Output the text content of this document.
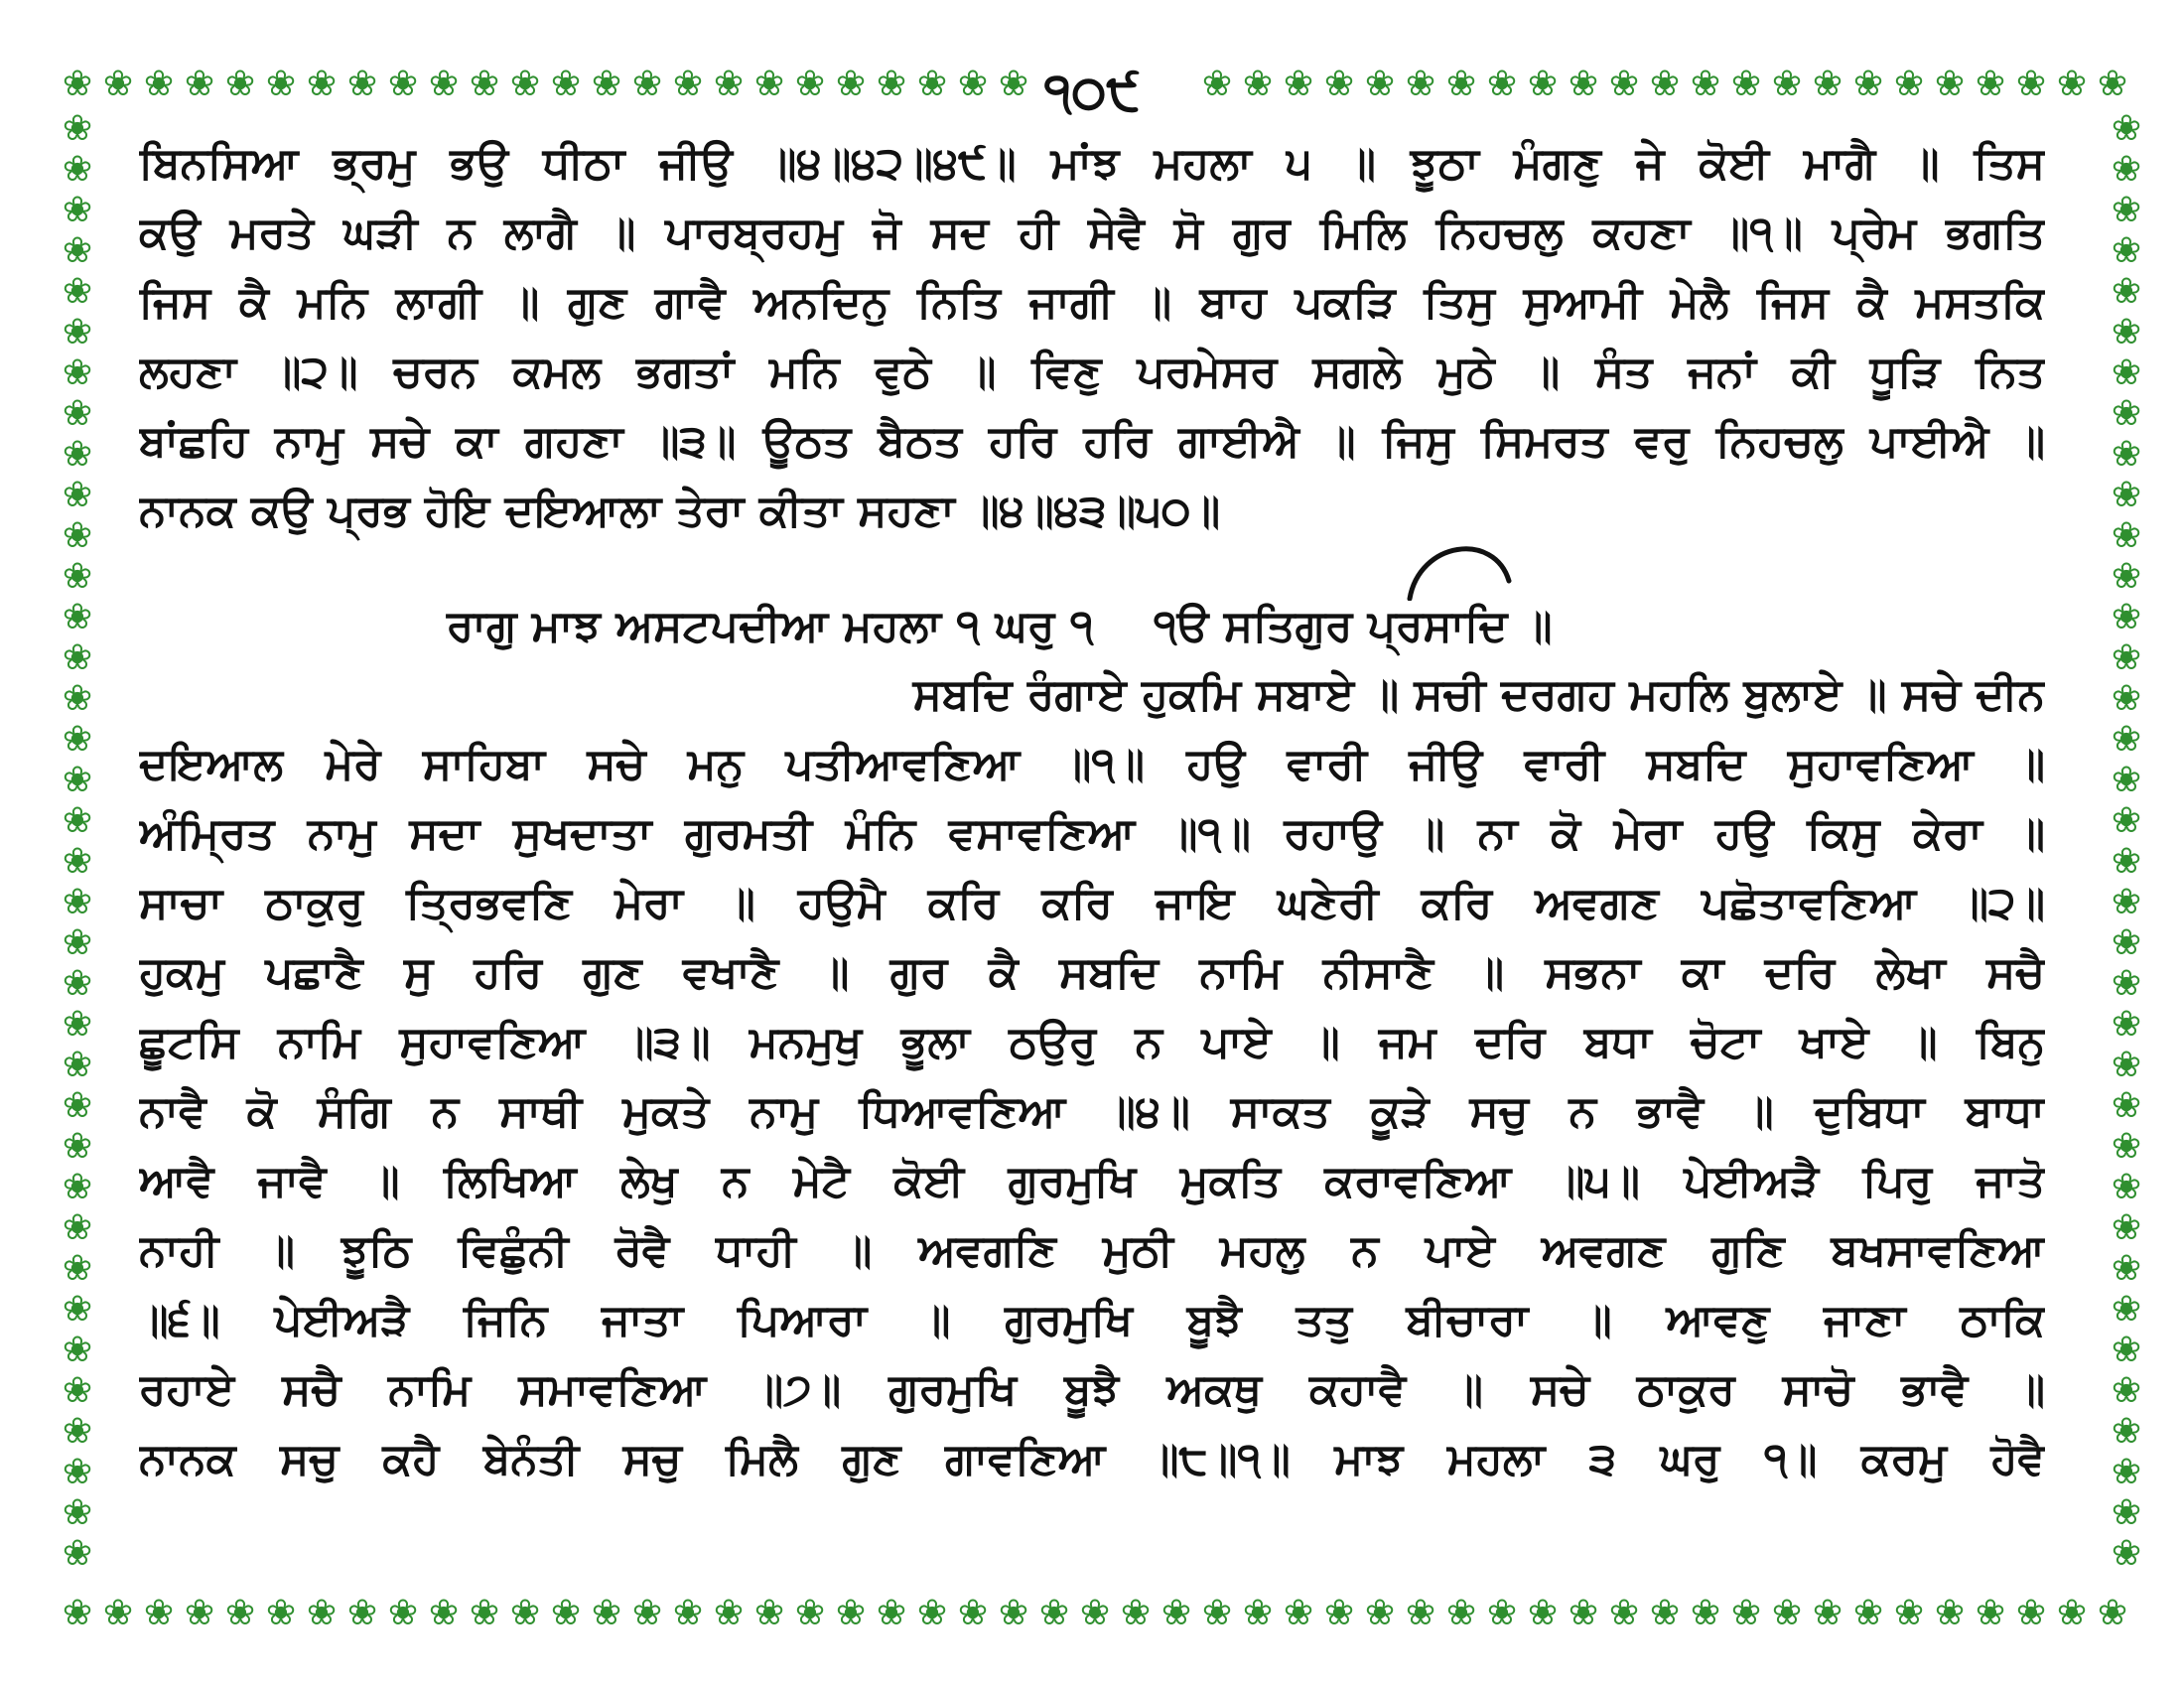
❀ ❀ ❀ ❀ ❀ ❀ ❀ ❀ ❀ ❀ ❀ ❀ ❀ ❀ ❀ ❀ ❀ ❀ ❀ ❀ ❀ ❀ ❀ ❀	❀ ❀ ❀ ❀ ❀ ❀ ❀ ❀ ❀ ❀ ❀ ❀ ❀ ❀ ❀ ❀ ❀ ❀ ❀ ❀ ❀ ❀ ❀
❀ ❀ ❀ ❀ ❀ ❀ ❀ ❀ ❀ ❀ ❀ ❀ ❀ ❀ ❀ ❀ ❀ ❀ ❀ ❀ ❀ ❀ ❀ ❀ ❀ ❀ ❀ ❀ ❀ ❀ ❀ ❀ ❀ ❀ ❀ ❀ ❀ ❀ ❀ ❀ ❀ ❀ ❀ ❀ ❀ ❀ ❀ ❀ ❀ ❀ ❀
❀	❀
❀	❀
❀	❀
❀	❀
❀	❀
❀	❀
❀	❀
❀	❀
❀	❀
❀	❀
❀	❀
❀	❀
❀	❀
❀	❀
❀	❀
❀	❀
❀	❀
❀	❀
❀	❀
❀	❀
❀	❀
❀	❀
❀	❀
❀	❀
❀	❀
❀	❀
❀	❀
❀	❀
❀	❀
❀	❀
❀	❀
❀	❀
❀	❀
❀	❀
❀	❀
❀	❀
੧੦੯
ਬਿਨਸਿਆ ਭ੍ਰਮੁ ਭਉ ਧੀਠਾ ਜੀਉ ॥੪॥੪੨॥੪੯॥ ਮਾਂਝ ਮਹਲਾ ੫ ॥ ਝੂਠਾ ਮੰਗਣੁ ਜੇ ਕੋਈ ਮਾਗੈ ॥ ਤਿਸ
ਕਉ ਮਰਤੇ ਘੜੀ ਨ ਲਾਗੈ ॥ ਪਾਰਬ੍ਰਹਮੁ ਜੋ ਸਦ ਹੀ ਸੇਵੈ ਸੋ ਗੁਰ ਮਿਲਿ ਨਿਹਚਲੁ ਕਹਣਾ ॥੧॥ ਪ੍ਰੇਮ ਭਗਤਿ
ਜਿਸ ਕੈ ਮਨਿ ਲਾਗੀ ॥ ਗੁਣ ਗਾਵੈ ਅਨਦਿਨੁ ਨਿਤਿ ਜਾਗੀ ॥ ਬਾਹ ਪਕੜਿ ਤਿਸੁ ਸੁਆਮੀ ਮੇਲੈ ਜਿਸ ਕੈ ਮਸਤਕਿ
ਲਹਣਾ ॥੨॥ ਚਰਨ ਕਮਲ ਭਗਤਾਂ ਮਨਿ ਵੁਠੇ ॥ ਵਿਣੁ ਪਰਮੇਸਰ ਸਗਲੇ ਮੁਠੇ ॥ ਸੰਤ ਜਨਾਂ ਕੀ ਧੂੜਿ ਨਿਤ
ਬਾਂਛਹਿ ਨਾਮੁ ਸਚੇ ਕਾ ਗਹਣਾ ॥੩॥ ਊਠਤ ਬੈਠਤ ਹਰਿ ਹਰਿ ਗਾਈਐ ॥ ਜਿਸੁ ਸਿਮਰਤ ਵਰੁ ਨਿਹਚਲੁ ਪਾਈਐ ॥
ਨਾਨਕ ਕਉ ਪ੍ਰਭ ਹੋਇ ਦਇਆਲਾ ਤੇਰਾ ਕੀਤਾ ਸਹਣਾ ॥੪॥੪੩॥੫੦॥
ਸਬਦਿ ਰੰਗਾਏ ਹੁਕਮਿ ਸਬਾਏ ॥ ਸਚੀ ਦਰਗਹ ਮਹਲਿ ਬੁਲਾਏ ॥ ਸਚੇ ਦੀਨ
ਦਇਆਲ ਮੇਰੇ ਸਾਹਿਬਾ ਸਚੇ ਮਨੁ ਪਤੀਆਵਣਿਆ ॥੧॥ ਹਉ ਵਾਰੀ ਜੀਉ ਵਾਰੀ ਸਬਦਿ ਸੁਹਾਵਣਿਆ ॥
ਅੰਮ੍ਰਿਤ ਨਾਮੁ ਸਦਾ ਸੁਖਦਾਤਾ ਗੁਰਮਤੀ ਮੰਨਿ ਵਸਾਵਣਿਆ ॥੧॥ ਰਹਾਉ ॥ ਨਾ ਕੋ ਮੇਰਾ ਹਉ ਕਿਸੁ ਕੇਰਾ ॥
ਸਾਚਾ ਠਾਕੁਰੁ ਤ੍ਰਿਭਵਣਿ ਮੇਰਾ ॥ ਹਉਮੈ ਕਰਿ ਕਰਿ ਜਾਇ ਘਣੇਰੀ ਕਰਿ ਅਵਗਣ ਪਛੋਤਾਵਣਿਆ ॥੨॥
ਹੁਕਮੁ ਪਛਾਣੈ ਸੁ ਹਰਿ ਗੁਣ ਵਖਾਣੈ ॥ ਗੁਰ ਕੈ ਸਬਦਿ ਨਾਮਿ ਨੀਸਾਣੈ ॥ ਸਭਨਾ ਕਾ ਦਰਿ ਲੇਖਾ ਸਚੈ
ਛੂਟਸਿ ਨਾਮਿ ਸੁਹਾਵਣਿਆ ॥੩॥ ਮਨਮੁਖੁ ਭੂਲਾ ਠਉਰੁ ਨ ਪਾਏ ॥ ਜਮ ਦਰਿ ਬਧਾ ਚੋਟਾ ਖਾਏ ॥ ਬਿਨੁ
ਨਾਵੈ ਕੋ ਸੰਗਿ ਨ ਸਾਥੀ ਮੁਕਤੇ ਨਾਮੁ ਧਿਆਵਣਿਆ ॥੪॥ ਸਾਕਤ ਕੂੜੇ ਸਚੁ ਨ ਭਾਵੈ ॥ ਦੁਬਿਧਾ ਬਾਧਾ
ਆਵੈ ਜਾਵੈ ॥ ਲਿਖਿਆ ਲੇਖੁ ਨ ਮੇਟੈ ਕੋਈ ਗੁਰਮੁਖਿ ਮੁਕਤਿ ਕਰਾਵਣਿਆ ॥੫॥ ਪੇਈਅੜੈ ਪਿਰੁ ਜਾਤੋ
ਨਾਹੀ ॥ ਝੂਠਿ ਵਿਛੁੰਨੀ ਰੋਵੈ ਧਾਹੀ ॥ ਅਵਗਣਿ ਮੁਠੀ ਮਹਲੁ ਨ ਪਾਏ ਅਵਗਣ ਗੁਣਿ ਬਖਸਾਵਣਿਆ
॥੬॥ ਪੇਈਅੜੈ ਜਿਨਿ ਜਾਤਾ ਪਿਆਰਾ ॥ ਗੁਰਮੁਖਿ ਬੂਝੈ ਤਤੁ ਬੀਚਾਰਾ ॥ ਆਵਣੁ ਜਾਣਾ ਠਾਕਿ
ਰਹਾਏ ਸਚੈ ਨਾਮਿ ਸਮਾਵਣਿਆ ॥੭॥ ਗੁਰਮੁਖਿ ਬੂਝੈ ਅਕਥੁ ਕਹਾਵੈ ॥ ਸਚੇ ਠਾਕੁਰ ਸਾਚੋ ਭਾਵੈ ॥
ਨਾਨਕ ਸਚੁ ਕਹੈ ਬੇਨੰਤੀ ਸਚੁ ਮਿਲੈ ਗੁਣ ਗਾਵਣਿਆ ॥੮॥੧॥ ਮਾਝ ਮਹਲਾ ੩ ਘਰੁ ੧॥ ਕਰਮੁ ਹੋਵੈ
ਰਾਗੁ ਮਾਝ ਅਸਟਪਦੀਆ ਮਹਲਾ ੧ ਘਰੁ ੧ ੧ੳ ਸਤਿਗੁਰ ਪ੍ਰਸਾਦਿ ॥
